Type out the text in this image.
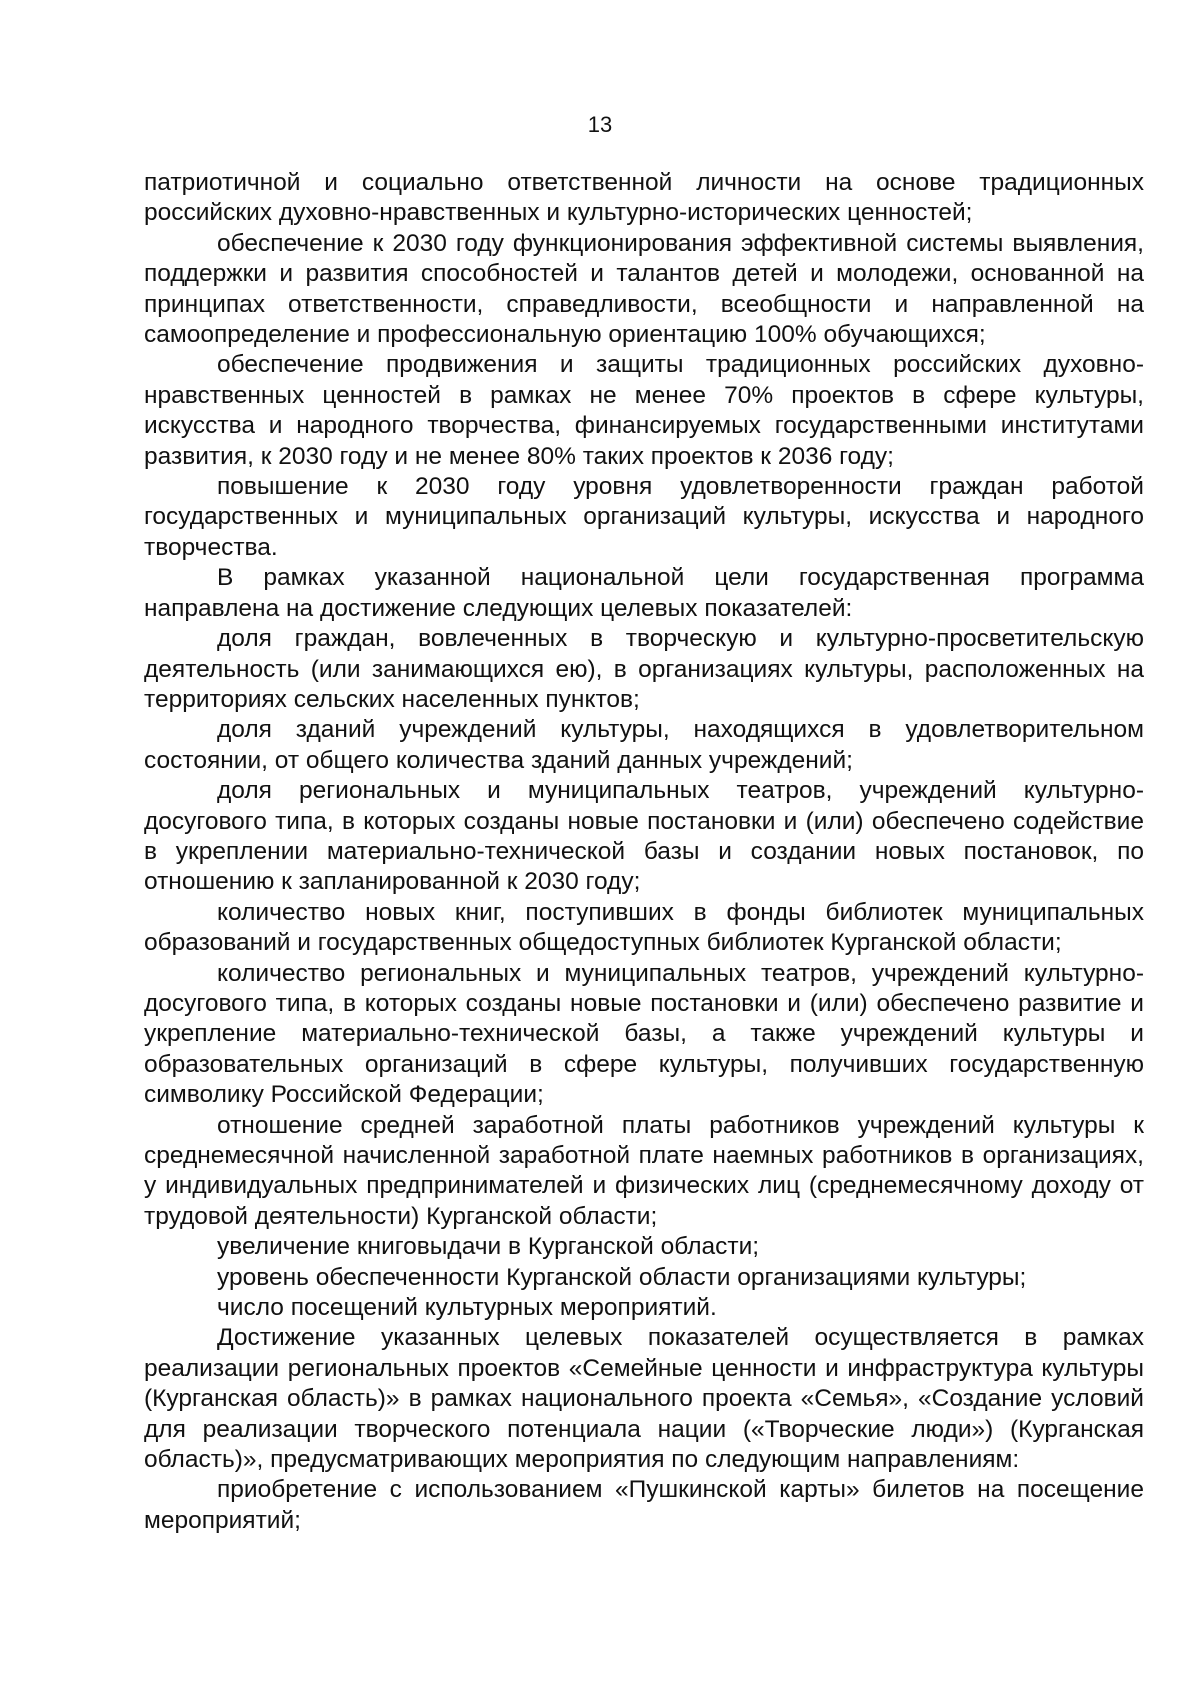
13

патриотичной и социально ответственной личности на основе традиционных российских духовно-нравственных и культурно-исторических ценностей;

обеспечение к 2030 году функционирования эффективной системы выявления, поддержки и развития способностей и талантов детей и молодежи, основанной на принципах ответственности, справедливости, всеобщности и направленной на самоопределение и профессиональную ориентацию 100% обучающихся;

обеспечение продвижения и защиты традиционных российских духовно-нравственных ценностей в рамках не менее 70% проектов в сфере культуры, искусства и народного творчества, финансируемых государственными институтами развития, к 2030 году и не менее 80% таких проектов к 2036 году;

повышение к 2030 году уровня удовлетворенности граждан работой государственных и муниципальных организаций культуры, искусства и народного творчества.

В рамках указанной национальной цели государственная программа направлена на достижение следующих целевых показателей:

доля граждан, вовлеченных в творческую и культурно-просветительскую деятельность (или занимающихся ею), в организациях культуры, расположенных на территориях сельских населенных пунктов;

доля зданий учреждений культуры, находящихся в удовлетворительном состоянии, от общего количества зданий данных учреждений;

доля региональных и муниципальных театров, учреждений культурно-досугового типа, в которых созданы новые постановки и (или) обеспечено содействие в укреплении материально-технической базы и создании новых постановок, по отношению к запланированной к 2030 году;

количество новых книг, поступивших в фонды библиотек муниципальных образований и государственных общедоступных библиотек Курганской области;

количество региональных и муниципальных театров, учреждений культурно-досугового типа, в которых созданы новые постановки и (или) обеспечено развитие и укрепление материально-технической базы, а также учреждений культуры и образовательных организаций в сфере культуры, получивших государственную символику Российской Федерации;

отношение средней заработной платы работников учреждений культуры к среднемесячной начисленной заработной плате наемных работников в организациях, у индивидуальных предпринимателей и физических лиц (среднемесячному доходу от трудовой деятельности) Курганской области;

увеличение книговыдачи в Курганской области;

уровень обеспеченности Курганской области организациями культуры;

число посещений культурных мероприятий.

Достижение указанных целевых показателей осуществляется в рамках реализации региональных проектов «Семейные ценности и инфраструктура культуры (Курганская область)» в рамках национального проекта «Семья», «Создание условий для реализации творческого потенциала нации («Творческие люди») (Курганская область)», предусматривающих мероприятия по следующим направлениям:

приобретение с использованием «Пушкинской карты» билетов на посещение мероприятий;
